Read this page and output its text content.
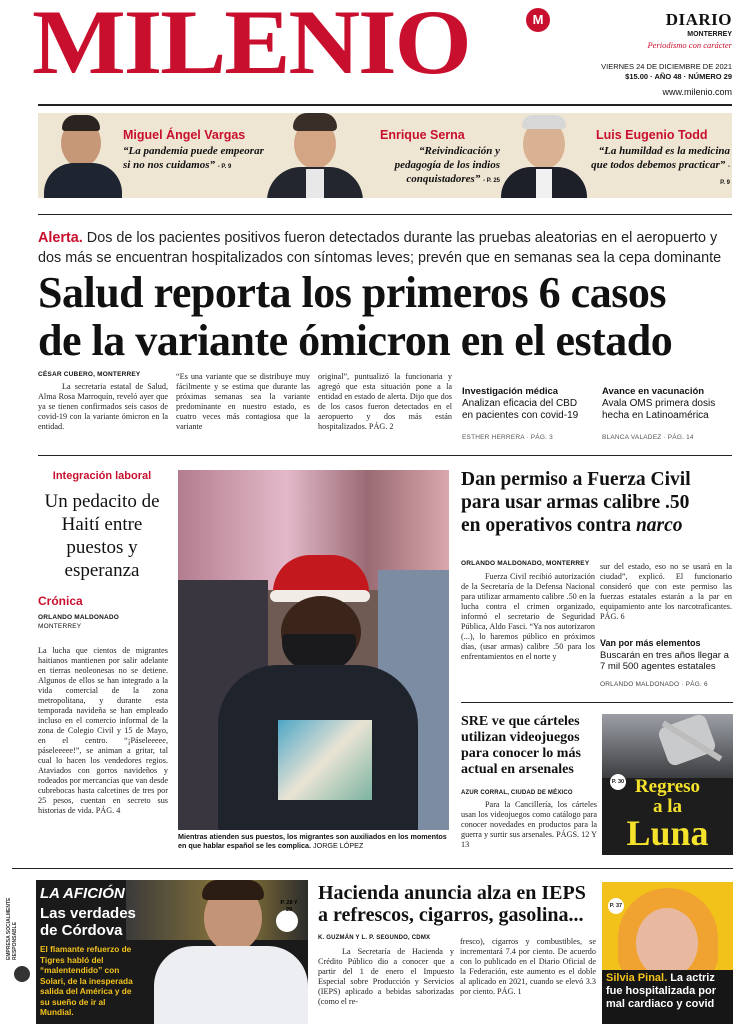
MILENIO	M	DIARIO
MONTERREY
Periodismo con carácter
VIERNES 24 DE DICIEMBRE DE 2021
$15.00 · AÑO 48 · NÚMERO 29
www.milenio.com
Miguel Ángel Vargas
“La pandemia puede empeorar si no nos cuidamos” - P. 9
Enrique Serna
“Reivindicación y pedagogía de los indios conquistadores” - P. 25
Luis Eugenio Todd
“La humildad es la medicina que todos debemos practicar” - P. 9
Alerta. Dos de los pacientes positivos fueron detectados durante las pruebas aleatorias en el aeropuerto y dos más se encuentran hospitalizados con síntomas leves; prevén que en semanas sea la cepa dominante
Salud reporta los primeros 6 casos
de la variante ómicron en el estado
CÉSAR CUBERO, MONTERREY
La secretaria estatal de Salud, Alma Rosa Marroquín, reveló ayer que ya se tienen confirmados seis casos de covid-19 con la variante ómicron en la entidad.
“Es una variante que se distribuye muy fácilmente y se estima que durante las próximas semanas sea la variante predominante en nuestro estado, es cuatro veces más contagiosa que la variante
original”, puntualizó la funcionaria y agregó que esta situación pone a la entidad en estado de alerta. Dijo que dos de los casos fueron detectados en el aeropuerto y dos más están hospitalizados. PÁG. 2
Investigación médica
Analizan eficacia del CBD en pacientes con covid-19
ESTHER HERRERA · PÁG. 3
Avance en vacunación
Avala OMS primera dosis hecha en Latinoamérica
BLANCA VALADEZ · PÁG. 14
Integración laboral
Un pedacito de Haití entre puestos y esperanza
Crónica
ORLANDO MALDONADO
MONTERREY
La lucha que cientos de migrantes haitianos mantienen por salir adelante en tierras neoleonesas no se detiene. Algunos de ellos se han integrado a la vida comercial de la zona metropolitana, y durante esta temporada navideña se han empleado incluso en el comercio informal de la zona de Colegio Civil y 15 de Mayo, en el centro. “¡Páseleeeee, páseleeeee!”, se animan a gritar, tal cual lo hacen los vendedores regios. Ataviados con gorros navideños y rodeados por mercancías que van desde cubrebocas hasta calcetines de tres por 25 pesos, cuentan en secreto sus historias de vida. PÁG. 4
Mientras atienden sus puestos, los migrantes son auxiliados en los momentos en que hablar español se les complica. JORGE LÓPEZ
Dan permiso a Fuerza Civil
para usar armas calibre .50
en operativos contra narco
ORLANDO MALDONADO, MONTERREY
Fuerza Civil recibió autorización de la Secretaría de la Defensa Nacional para utilizar armamento calibre .50 en la lucha contra el crimen organizado, informó el secretario de Seguridad Pública, Aldo Fasci. “Ya nos autorizaron (...), lo haremos público en próximos días, (usar armas) calibre .50 para los enfrentamientos en el norte y
sur del estado, eso no se usará en la ciudad”, explicó. El funcionario consideró que con este permiso las fuerzas estatales estarán a la par en equipamiento ante los narcotraficantes. PÁG. 6
Van por más elementos
Buscarán en tres años llegar a 7 mil 500 agentes estatales
ORLANDO MALDONADO · PÁG. 6
SRE ve que cárteles utilizan videojuegos para conocer lo más actual en arsenales
AZUR CORRAL, CIUDAD DE MÉXICO
Para la Cancillería, los cárteles usan los videojuegos como catálogo para conocer novedades en productos para la guerra y surtir sus arsenales. PÁGS. 12 Y 13
P. 30 Regreso
a la
Luna
EMPRESA SOCIALMENTE RESPONSABLE
P. 28 Y 29
LA AFICIÓN
Las verdades de Córdova
El flamante refuerzo de Tigres habló del “malentendido” con Solari, de la inesperada salida del América y de su sueño de ir al Mundial.
Hacienda anuncia alza en IEPS
a refrescos, cigarros, gasolina...
K. GUZMÁN Y L. P. SEGUNDO, CDMX
La Secretaría de Hacienda y Crédito Público dio a conocer que a partir del 1 de enero el Impuesto Especial sobre Producción y Servicios (IEPS) aplicado a bebidas saborizadas (como el re-
fresco), cigarros y combustibles, se incrementará 7.4 por ciento. De acuerdo con lo publicado en el Diario Oficial de la Federación, este aumento es el doble al aplicado en 2021, cuando se elevó 3.3 por ciento. PÁG. 1
P. 37
Silvia Pinal. La actriz fue hospitalizada por mal cardiaco y covid
